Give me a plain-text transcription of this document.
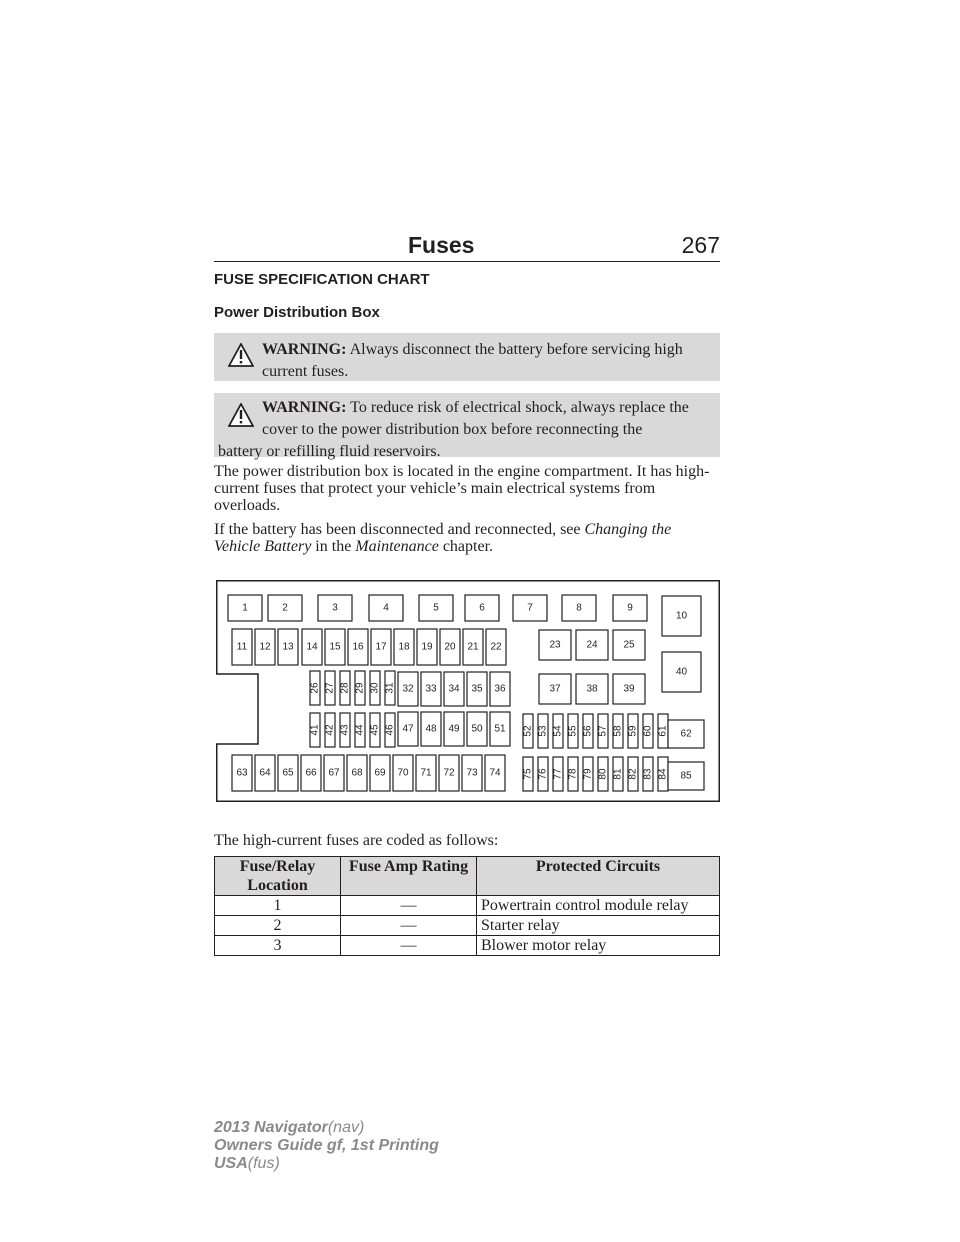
Fuses	267
FUSE SPECIFICATION CHART
Power Distribution Box
WARNING: Always disconnect the battery before servicing high current fuses.
WARNING: To reduce risk of electrical shock, always replace the cover to the power distribution box before reconnecting the
battery or refilling fluid reservoirs.
The power distribution box is located in the engine compartment. It has high-current fuses that protect your vehicle’s main electrical systems from overloads.
If the battery has been disconnected and reconnected, see Changing the Vehicle Battery in the Maintenance chapter.
1	2	3	4	5	6	7	8	9
10
11 12 13 14 15 16 17 18 19 20 21 22	23	24	25
26 27 28 29 30 31 32 33 34 35 36	37	38	39
40
41 42 43 44 45 46 47 48 49 50 51 52 53 54 55 56 57 58 59 60 61 62
63 64 65 66 67 68 69 70 71 72 73 74 75 76 77 78 79 80 81 82 83 84 85
The high-current fuses are coded as follows:
Fuse/Relay Location	Fuse Amp Rating	Protected Circuits
1	—	Powertrain control module relay
2	—	Starter relay
3	—	Blower motor relay
2013 Navigator(nav)
Owners Guide gf, 1st Printing
USA(fus)
